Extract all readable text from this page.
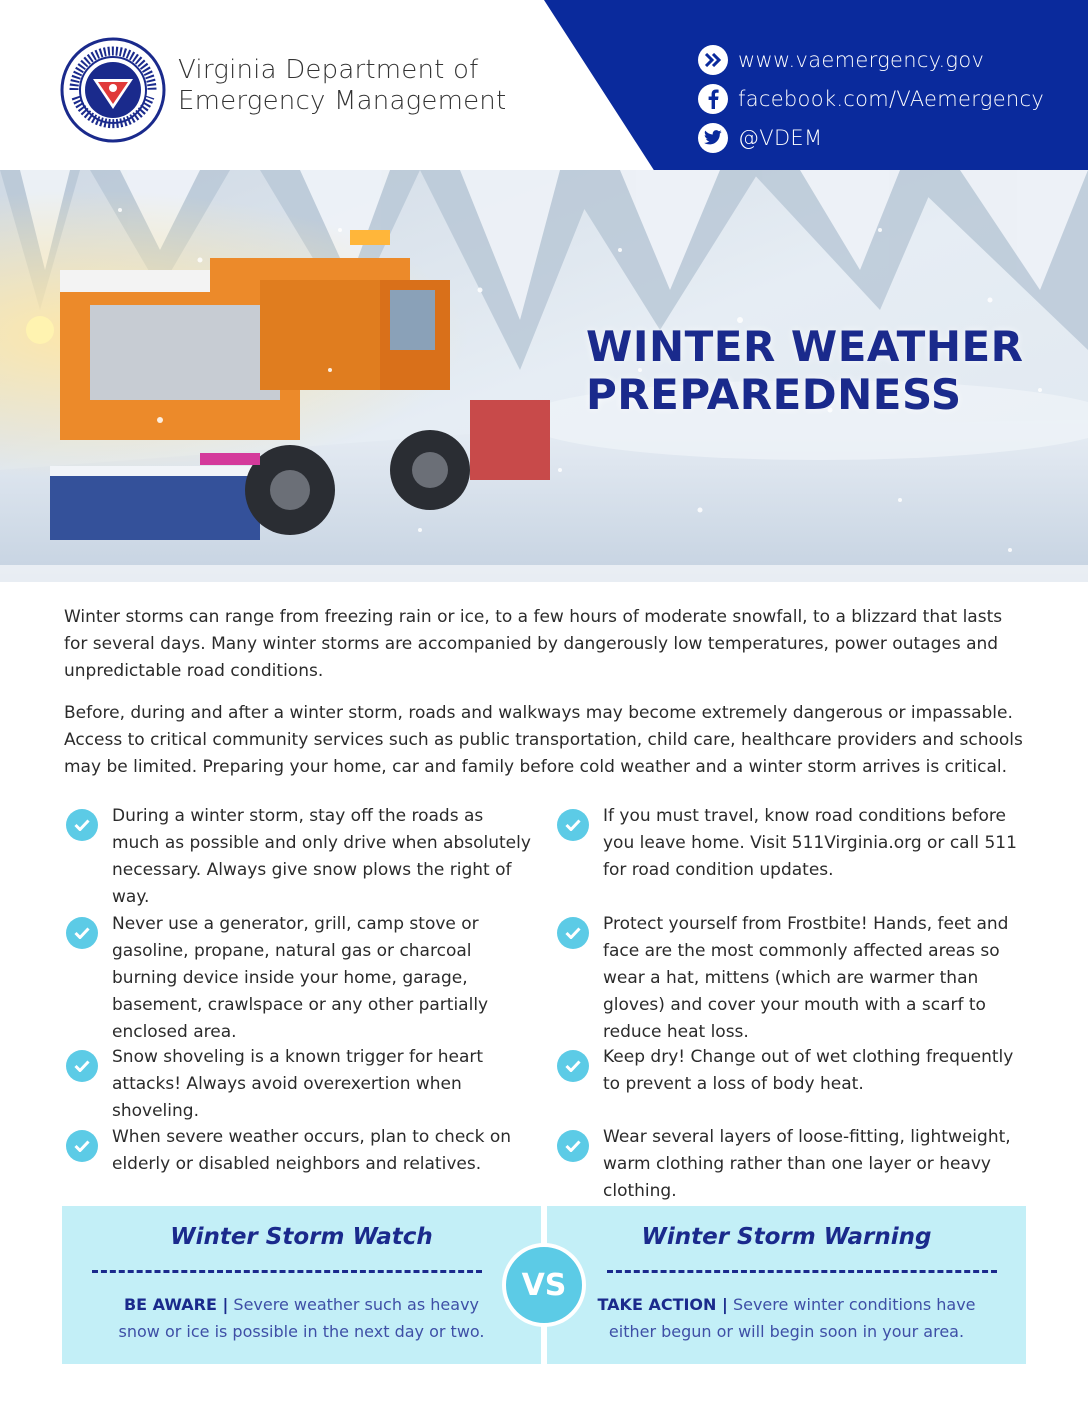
Virginia Department of
Emergency Management
www.vaemergency.gov
facebook.com/VAemergency
@VDEM
WINTER WEATHER
PREPAREDNESS

Winter storms can range from freezing rain or ice, to a few hours of moderate snowfall, to a blizzard that lasts for several days. Many winter storms are accompanied by dangerously low temperatures, power outages and unpredictable road conditions.

Before, during and after a winter storm, roads and walkways may become extremely dangerous or impassable. Access to critical community services such as public transportation, child care, healthcare providers and schools may be limited. Preparing your home, car and family before cold weather and a winter storm arrives is critical.

During a winter storm, stay off the roads as much as possible and only drive when absolutely necessary. Always give snow plows the right of way.
Never use a generator, grill, camp stove or gasoline, propane, natural gas or charcoal burning device inside your home, garage, basement, crawlspace or any other partially enclosed area.
Snow shoveling is a known trigger for heart attacks! Always avoid overexertion when shoveling.
When severe weather occurs, plan to check on elderly or disabled neighbors and relatives.
If you must travel, know road conditions before you leave home. Visit 511Virginia.org or call 511 for road condition updates.
Protect yourself from Frostbite! Hands, feet and face are the most commonly affected areas so wear a hat, mittens (which are warmer than gloves) and cover your mouth with a scarf to reduce heat loss.
Keep dry! Change out of wet clothing frequently to prevent a loss of body heat.
Wear several layers of loose-fitting, lightweight, warm clothing rather than one layer or heavy clothing.
Winter Storm Watch
BE AWARE | Severe weather such as heavy
snow or ice is possible in the next day or two.
Winter Storm Warning
TAKE ACTION | Severe winter conditions have
either begun or will begin soon in your area.
VS
